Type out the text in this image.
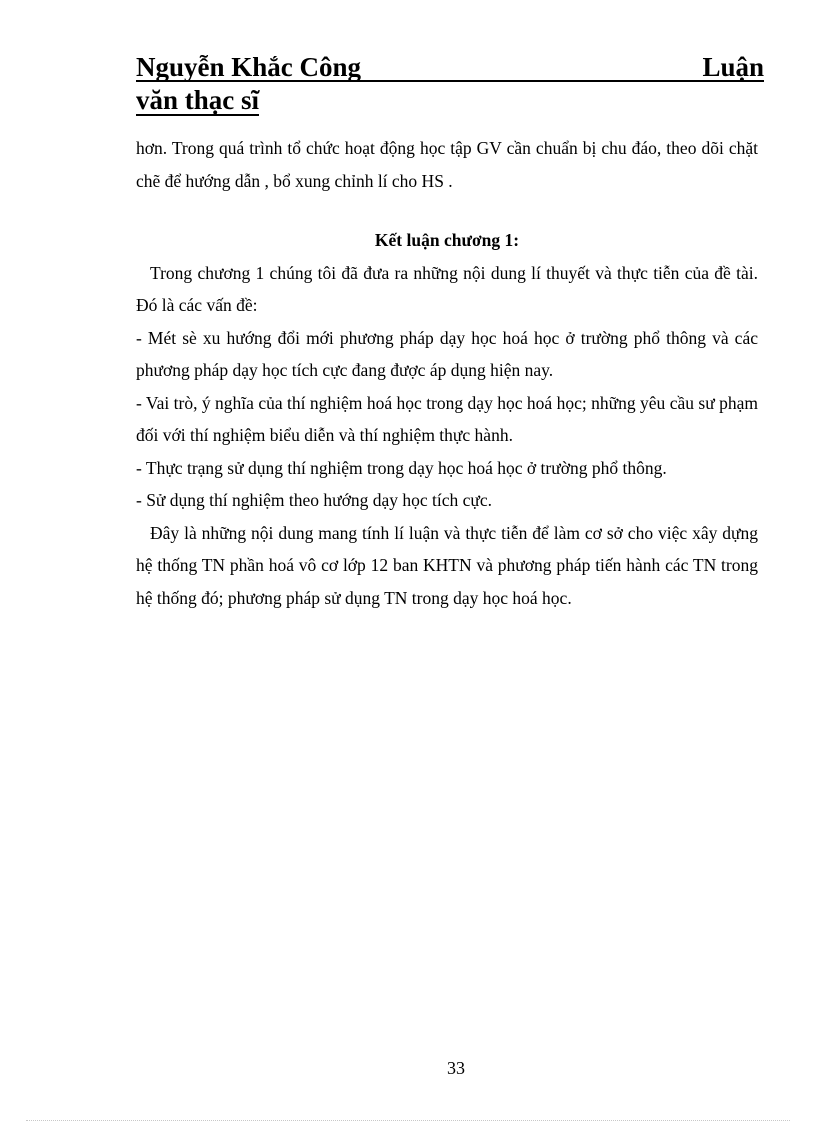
Nguyễn Khắc Công	Luận
văn thạc sĩ

hơn. Trong quá trình tổ chức hoạt động học tập GV cần chuẩn bị chu đáo, theo dõi chặt chẽ để hướng dẫn , bổ xung chỉnh lí cho HS .

Kết luận chương 1:

Trong chương 1 chúng tôi đã đưa ra những nội dung lí thuyết và thực tiễn của đề tài. Đó là các vấn đề:

- Mét sè xu hướng đổi mới phương pháp dạy học hoá học ở trường phổ thông và các phương pháp dạy học tích cực đang được áp dụng hiện nay.

- Vai trò, ý nghĩa của thí nghiệm hoá học trong dạy học hoá học; những yêu cầu sư phạm đối với thí nghiệm biểu diễn và thí nghiệm thực hành.

- Thực trạng sử dụng thí nghiệm trong dạy học hoá học ở trường phổ thông.

- Sử dụng thí nghiệm theo hướng dạy học tích cực.

Đây là những nội dung mang tính lí luận và thực tiễn để làm cơ sở cho việc xây dựng hệ thống TN phần hoá vô cơ lớp 12 ban KHTN và phương pháp tiến hành các TN trong hệ thống đó; phương pháp sử dụng TN trong dạy học hoá học.

33
